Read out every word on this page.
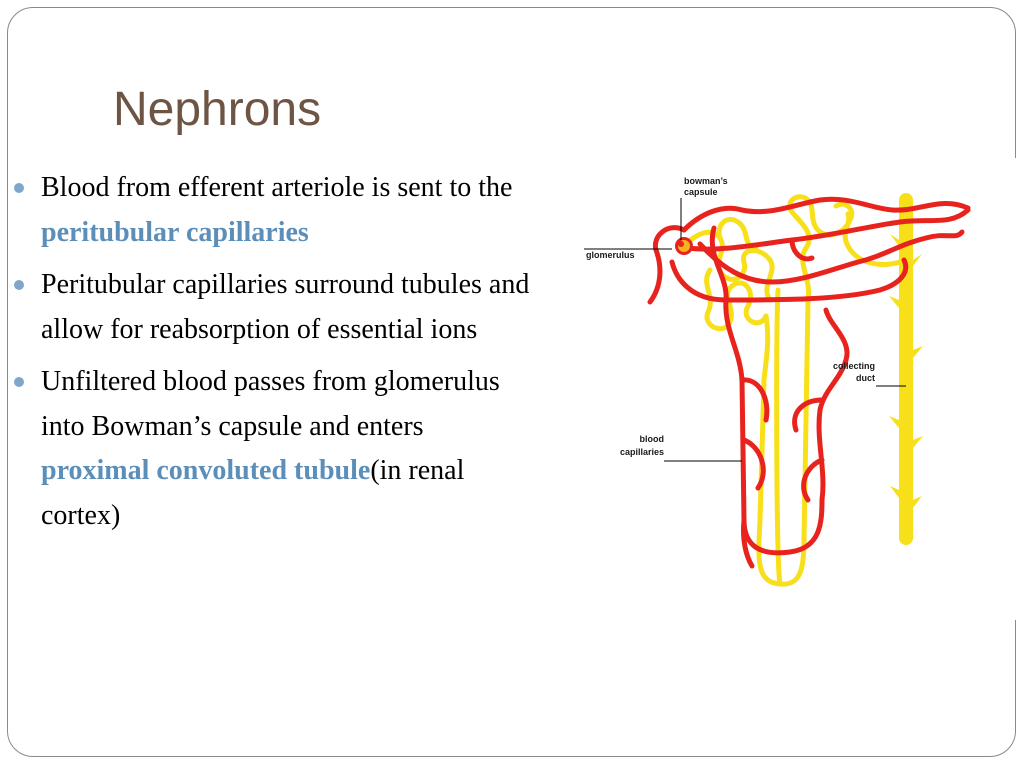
Nephrons
Blood from efferent arteriole is sent to the peritubular capillaries
Peritubular capillaries surround tubules and allow for reabsorption of essential ions
Unfiltered blood passes from glomerulus into Bowman’s capsule and enters proximal convoluted tubule(in renal cortex)
bowman’s
capsule
glomerulus
collecting
duct
blood
capillaries
